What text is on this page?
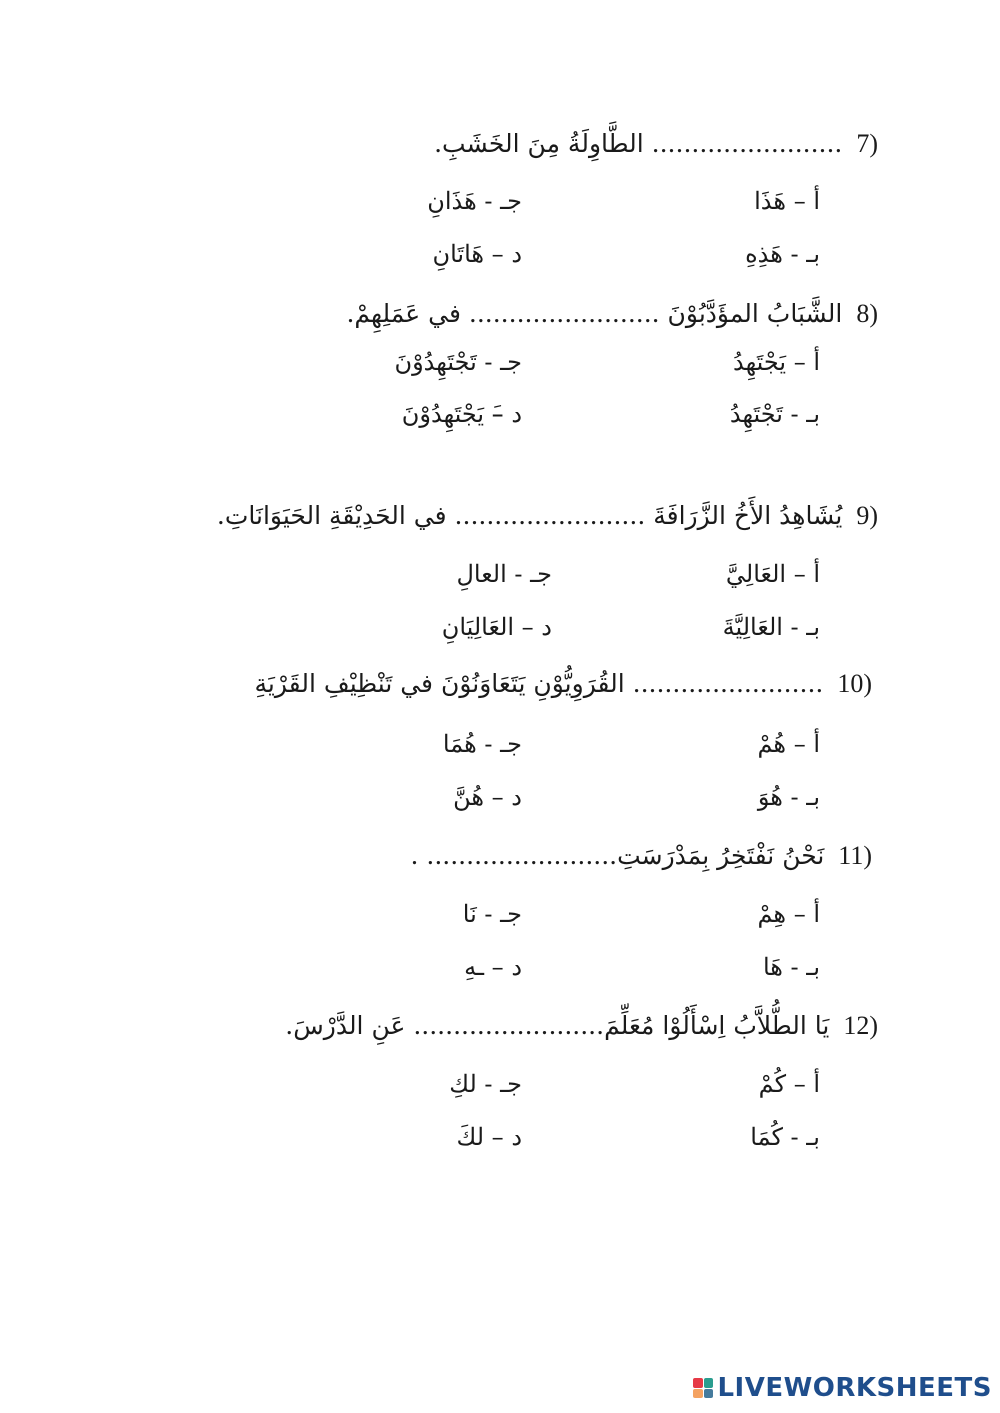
(7 ........................ الطَّاوِلَةُ مِنَ الخَشَبِ.
أ – هَذَا
جـ - هَذَانِ
بـ - هَذِهِ
د – هَاتَانِ
(8 الشَّبَابُ المؤَدَّبُوْنَ ........................ في عَمَلِهِمْ.
أ – يَجْتَهِدُ
جـ - تَجْتَهِدُوْنَ
بـ - تَجْتَهِدُ
د –َ يَجْتَهِدُوْنَ
(9 يُشَاهِدُ الأَخُ الزَّرَافَةَ ........................ في الحَدِيْقَةِ الحَيَوَانَاتِ.
أ – العَالِيَّ
جـ - العالِ
بـ - العَالِيَّةَ
د – العَالِيَانِ
(10 ........................ القُرَوِيُّوْنِ يَتَعَاوَنُوْنَ في تَنْظِيْفِ القَرْيَةِ
أ – هُمْ
جـ - هُمَا
بـ - هُوَ
د – هُنَّ
(11 نَحْنُ نَفْتَخِرُ بِمَدْرَسَتِ........................ .
أ – هِمْ
جـ - نَا
بـ - هَا
د – ـهِ
(12 يَا الطُّلاَّبُ اِسْأَلُوْا مُعَلِّمَ........................ عَنِ الدَّرْسَ.
أ – كُمْ
جـ - لكِ
بـ - كُمَا
د – لكَ
LIVEWORKSHEETS
